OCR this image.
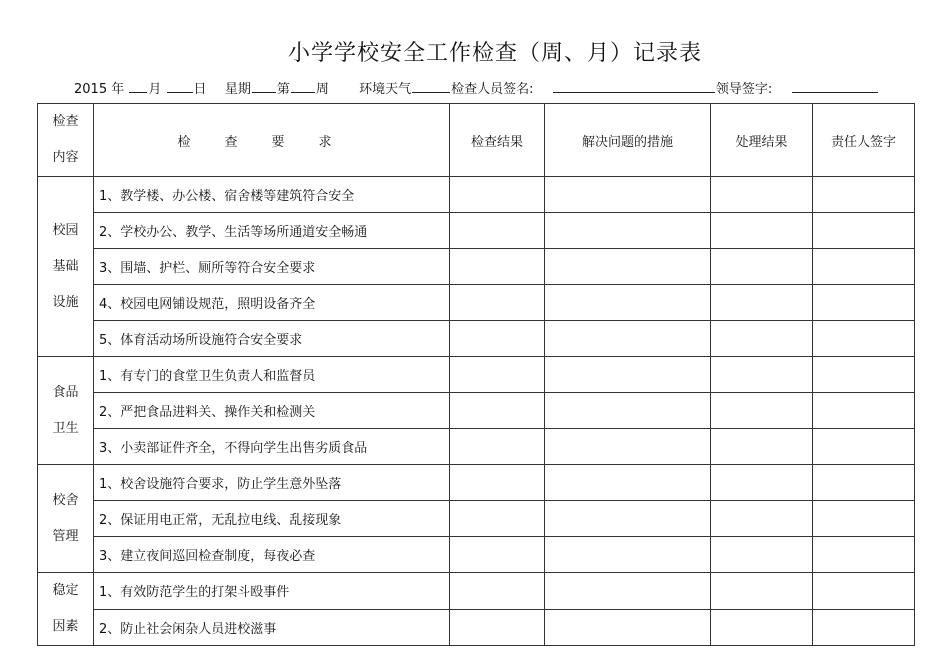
小学学校安全工作检查（周、月）记录表
2015 年 月 日 星期 第 周 环境天气	检查人员签名:	领导签字:
检查
内容	检查要求	检查结果	解决问题的措施	处理结果	责任人签字

校园
基础
设施	1、教学楼、办公楼、宿舍楼等建筑符合安全				
	2、学校办公、教学、生活等场所通道安全畅通				
	3、围墙、护栏、厕所等符合安全要求				
	4、校园电网铺设规范，照明设备齐全				
	5、体育活动场所设施符合安全要求				

食品
卫生	1、有专门的食堂卫生负责人和监督员				
	2、严把食品进料关、操作关和检测关				
	3、小卖部证件齐全，不得向学生出售劣质食品				

校舍
管理	1、校舍设施符合要求，防止学生意外坠落				
	2、保证用电正常，无乱拉电线、乱接现象				
	3、建立夜间巡回检查制度，每夜必查				

稳定
因素	1、有效防范学生的打架斗殴事件				
	2、防止社会闲杂人员进校滋事				
